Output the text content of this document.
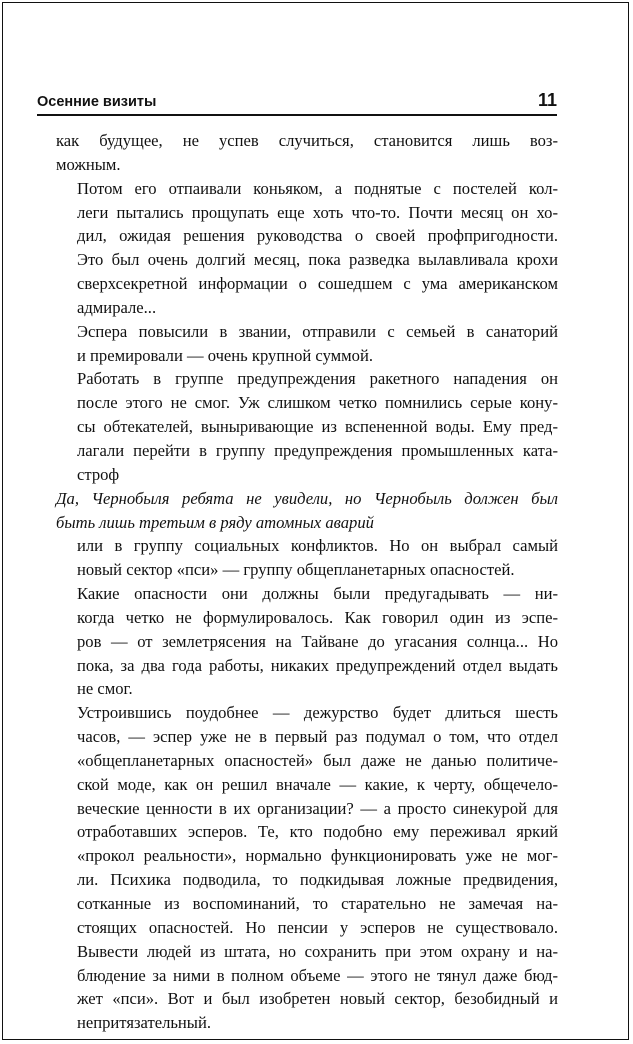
Осенние визиты	11

как будущее, не успев случиться, становится лишь воз-
можным.

Потом его отпаивали коньяком, а поднятые с постелей кол-
леги пытались прощупать еще хоть что-то. Почти месяц он хо-
дил, ожидая решения руководства о своей профпригодности.
Это был очень долгий месяц, пока разведка вылавливала крохи
сверхсекретной информации о сошедшем с ума американском
адмирале...

Эспера повысили в звании, отправили с семьей в санаторий
и премировали — очень крупной суммой.

Работать в группе предупреждения ракетного нападения он
после этого не смог. Уж слишком четко помнились серые кону-
сы обтекателей, выныривающие из вспененной воды. Ему пред-
лагали перейти в группу предупреждения промышленных ката-
строф

Да, Чернобыля ребята не увидели, но Чернобыль должен был
быть лишь третьим в ряду атомных аварий

или в группу социальных конфликтов. Но он выбрал самый
новый сектор «пси» — группу общепланетарных опасностей.

Какие опасности они должны были предугадывать — ни-
когда четко не формулировалось. Как говорил один из эспе-
ров — от землетрясения на Тайване до угасания солнца... Но
пока, за два года работы, никаких предупреждений отдел выдать
не смог.

Устроившись поудобнее — дежурство будет длиться шесть
часов, — эспер уже не в первый раз подумал о том, что отдел
«общепланетарных опасностей» был даже не данью политиче-
ской моде, как он решил вначале — какие, к черту, общечело-
веческие ценности в их организации? — а просто синекурой для
отработавших эсперов. Те, кто подобно ему переживал яркий
«прокол реальности», нормально функционировать уже не мог-
ли. Психика подводила, то подкидывая ложные предвидения,
сотканные из воспоминаний, то старательно не замечая на-
стоящих опасностей. Но пенсии у эсперов не существовало.
Вывести людей из штата, но сохранить при этом охрану и на-
блюдение за ними в полном объеме — этого не тянул даже бюд-
жет «пси». Вот и был изобретен новый сектор, безобидный и
непритязательный.
